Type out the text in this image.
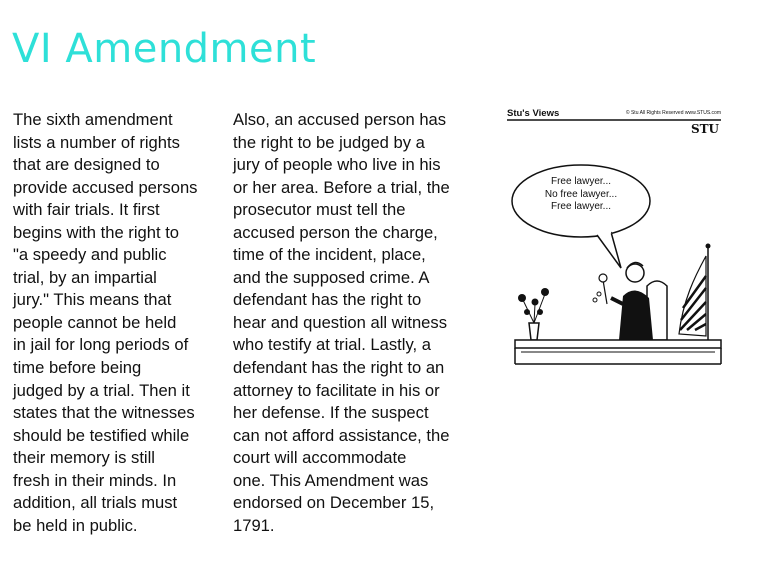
VI Amendment
The sixth amendment
lists a number of rights
that are designed to
provide accused persons
with fair trials. It first
begins with the right to
"a speedy and public
trial, by an impartial
jury." This means that
people cannot be held
in jail for long periods of
time before being
judged by a trial. Then it
states that the witnesses
should be testified while
their memory is still
fresh in their minds. In
addition, all trials must
be held in public.
Also, an accused person has
the right to be judged by a
jury of people who live in his
or her area. Before a trial, the
prosecutor must tell the
accused person the charge,
time of the incident, place,
and the supposed crime. A
defendant has the right to
hear and question all witness
who testify at trial. Lastly, a
defendant has the right to an
attorney to facilitate in his or
her defense. If the suspect
can not afford assistance, the
court will accommodate
one. This Amendment was
endorsed on December 15,
1791.
Stu's Views	© Stu All Rights Reserved www.STUS.com
STU
Free lawyer...
No free lawyer...
Free lawyer...
